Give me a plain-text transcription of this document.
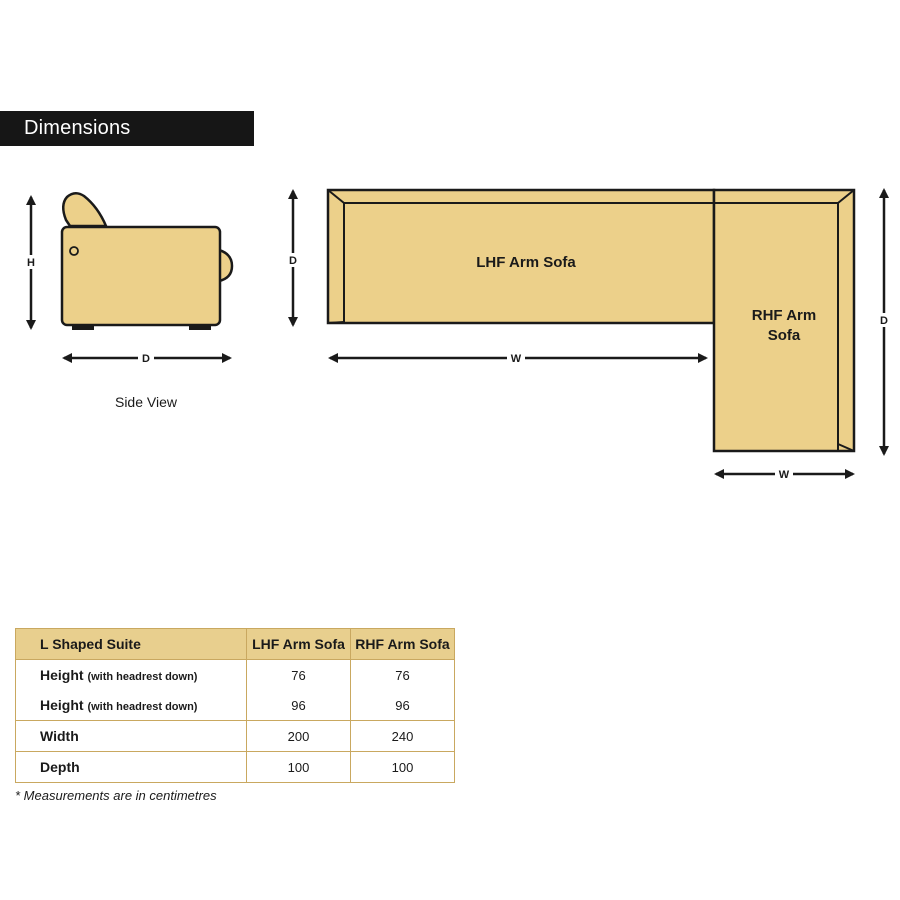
Dimensions
H
D
Side View
LHF Arm Sofa
RHF Arm
Sofa
D
W
D
W
L Shaped Suite	LHF Arm Sofa	RHF Arm Sofa
Height (with headrest down)	76	76
Height (with headrest down)	96	96
Width	200	240
Depth	100	100
* Measurements are in centimetres
